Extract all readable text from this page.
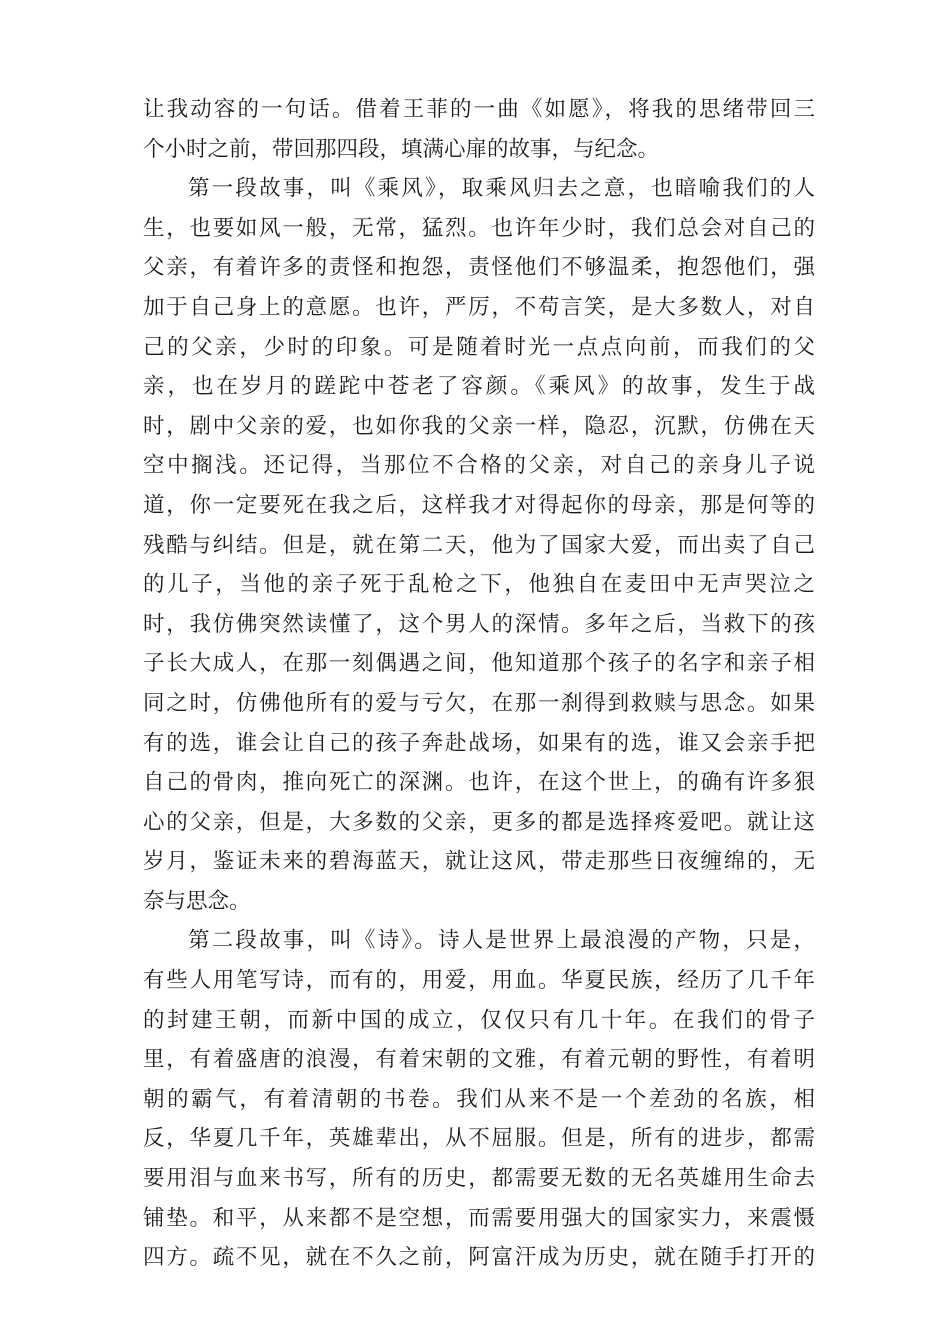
让我动容的一句话。借着王菲的一曲《如愿》，将我的思绪带回三
个小时之前，带回那四段，填满心扉的故事，与纪念。
第一段故事，叫《乘风》，取乘风归去之意，也暗喻我们的人
生，也要如风一般，无常，猛烈。也许年少时，我们总会对自己的
父亲，有着许多的责怪和抱怨，责怪他们不够温柔，抱怨他们，强
加于自己身上的意愿。也许，严厉，不苟言笑，是大多数人，对自
己的父亲，少时的印象。可是随着时光一点点向前，而我们的父
亲，也在岁月的蹉跎中苍老了容颜。《乘风》的故事，发生于战
时，剧中父亲的爱，也如你我的父亲一样，隐忍，沉默，仿佛在天
空中搁浅。还记得，当那位不合格的父亲，对自己的亲身儿子说
道，你一定要死在我之后，这样我才对得起你的母亲，那是何等的
残酷与纠结。但是，就在第二天，他为了国家大爱，而出卖了自己
的儿子，当他的亲子死于乱枪之下，他独自在麦田中无声哭泣之
时，我仿佛突然读懂了，这个男人的深情。多年之后，当救下的孩
子长大成人，在那一刻偶遇之间，他知道那个孩子的名字和亲子相
同之时，仿佛他所有的爱与亏欠，在那一刹得到救赎与思念。如果
有的选，谁会让自己的孩子奔赴战场，如果有的选，谁又会亲手把
自己的骨肉，推向死亡的深渊。也许，在这个世上，的确有许多狠
心的父亲，但是，大多数的父亲，更多的都是选择疼爱吧。就让这
岁月，鉴证未来的碧海蓝天，就让这风，带走那些日夜缠绵的，无
奈与思念。
第二段故事，叫《诗》。诗人是世界上最浪漫的产物，只是，
有些人用笔写诗，而有的，用爱，用血。华夏民族，经历了几千年
的封建王朝，而新中国的成立，仅仅只有几十年。在我们的骨子
里，有着盛唐的浪漫，有着宋朝的文雅，有着元朝的野性，有着明
朝的霸气，有着清朝的书卷。我们从来不是一个差劲的名族，相
反，华夏几千年，英雄辈出，从不屈服。但是，所有的进步，都需
要用泪与血来书写，所有的历史，都需要无数的无名英雄用生命去
铺垫。和平，从来都不是空想，而需要用强大的国家实力，来震慑
四方。疏不见，就在不久之前，阿富汗成为历史，就在随手打开的
